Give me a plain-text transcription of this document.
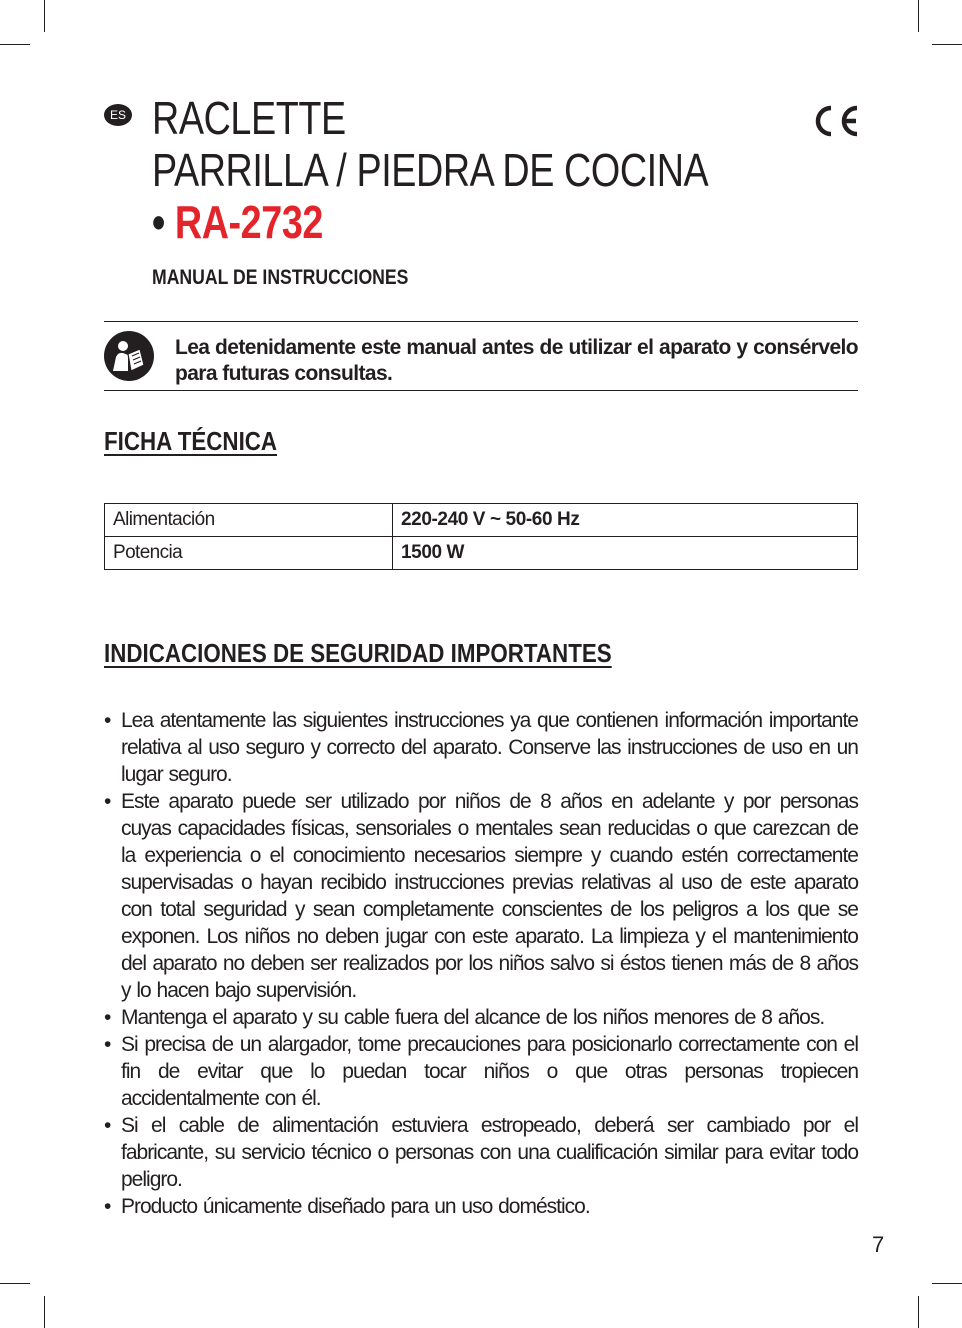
ES RACLETTE
PARRILLA / PIEDRA DE COCINA
• RA-2732
MANUAL DE INSTRUCCIONES
Lea detenidamente este manual antes de utilizar el aparato y consérvelo para futuras consultas.
FICHA TÉCNICA
Alimentación	220-240 V ~ 50-60 Hz
Potencia	1500 W
INDICACIONES DE SEGURIDAD IMPORTANTES
• Lea atentamente las siguientes instrucciones ya que contienen información importante relativa al uso seguro y correcto del aparato. Conserve las instrucciones de uso en un lugar seguro.
• Este aparato puede ser utilizado por niños de 8 años en adelante y por personas cuyas capacidades físicas, sensoriales o mentales sean reducidas o que carezcan de la experiencia o el conocimiento necesarios siempre y cuando estén correctamente supervisadas o hayan recibido instrucciones previas relativas al uso de este aparato con total seguridad y sean completamente conscientes de los peligros a los que se exponen. Los niños no deben jugar con este aparato. La limpieza y el mantenimiento del aparato no deben ser realizados por los niños salvo si éstos tienen más de 8 años y lo hacen bajo supervisión.
• Mantenga el aparato y su cable fuera del alcance de los niños menores de 8 años.
• Si precisa de un alargador, tome precauciones para posicionarlo correctamente con el fin de evitar que lo puedan tocar niños o que otras personas tropiecen accidentalmente con él.
• Si el cable de alimentación estuviera estropeado, deberá ser cambiado por el fabricante, su servicio técnico o personas con una cualificación similar para evitar todo peligro.
• Producto únicamente diseñado para un uso doméstico.
7
